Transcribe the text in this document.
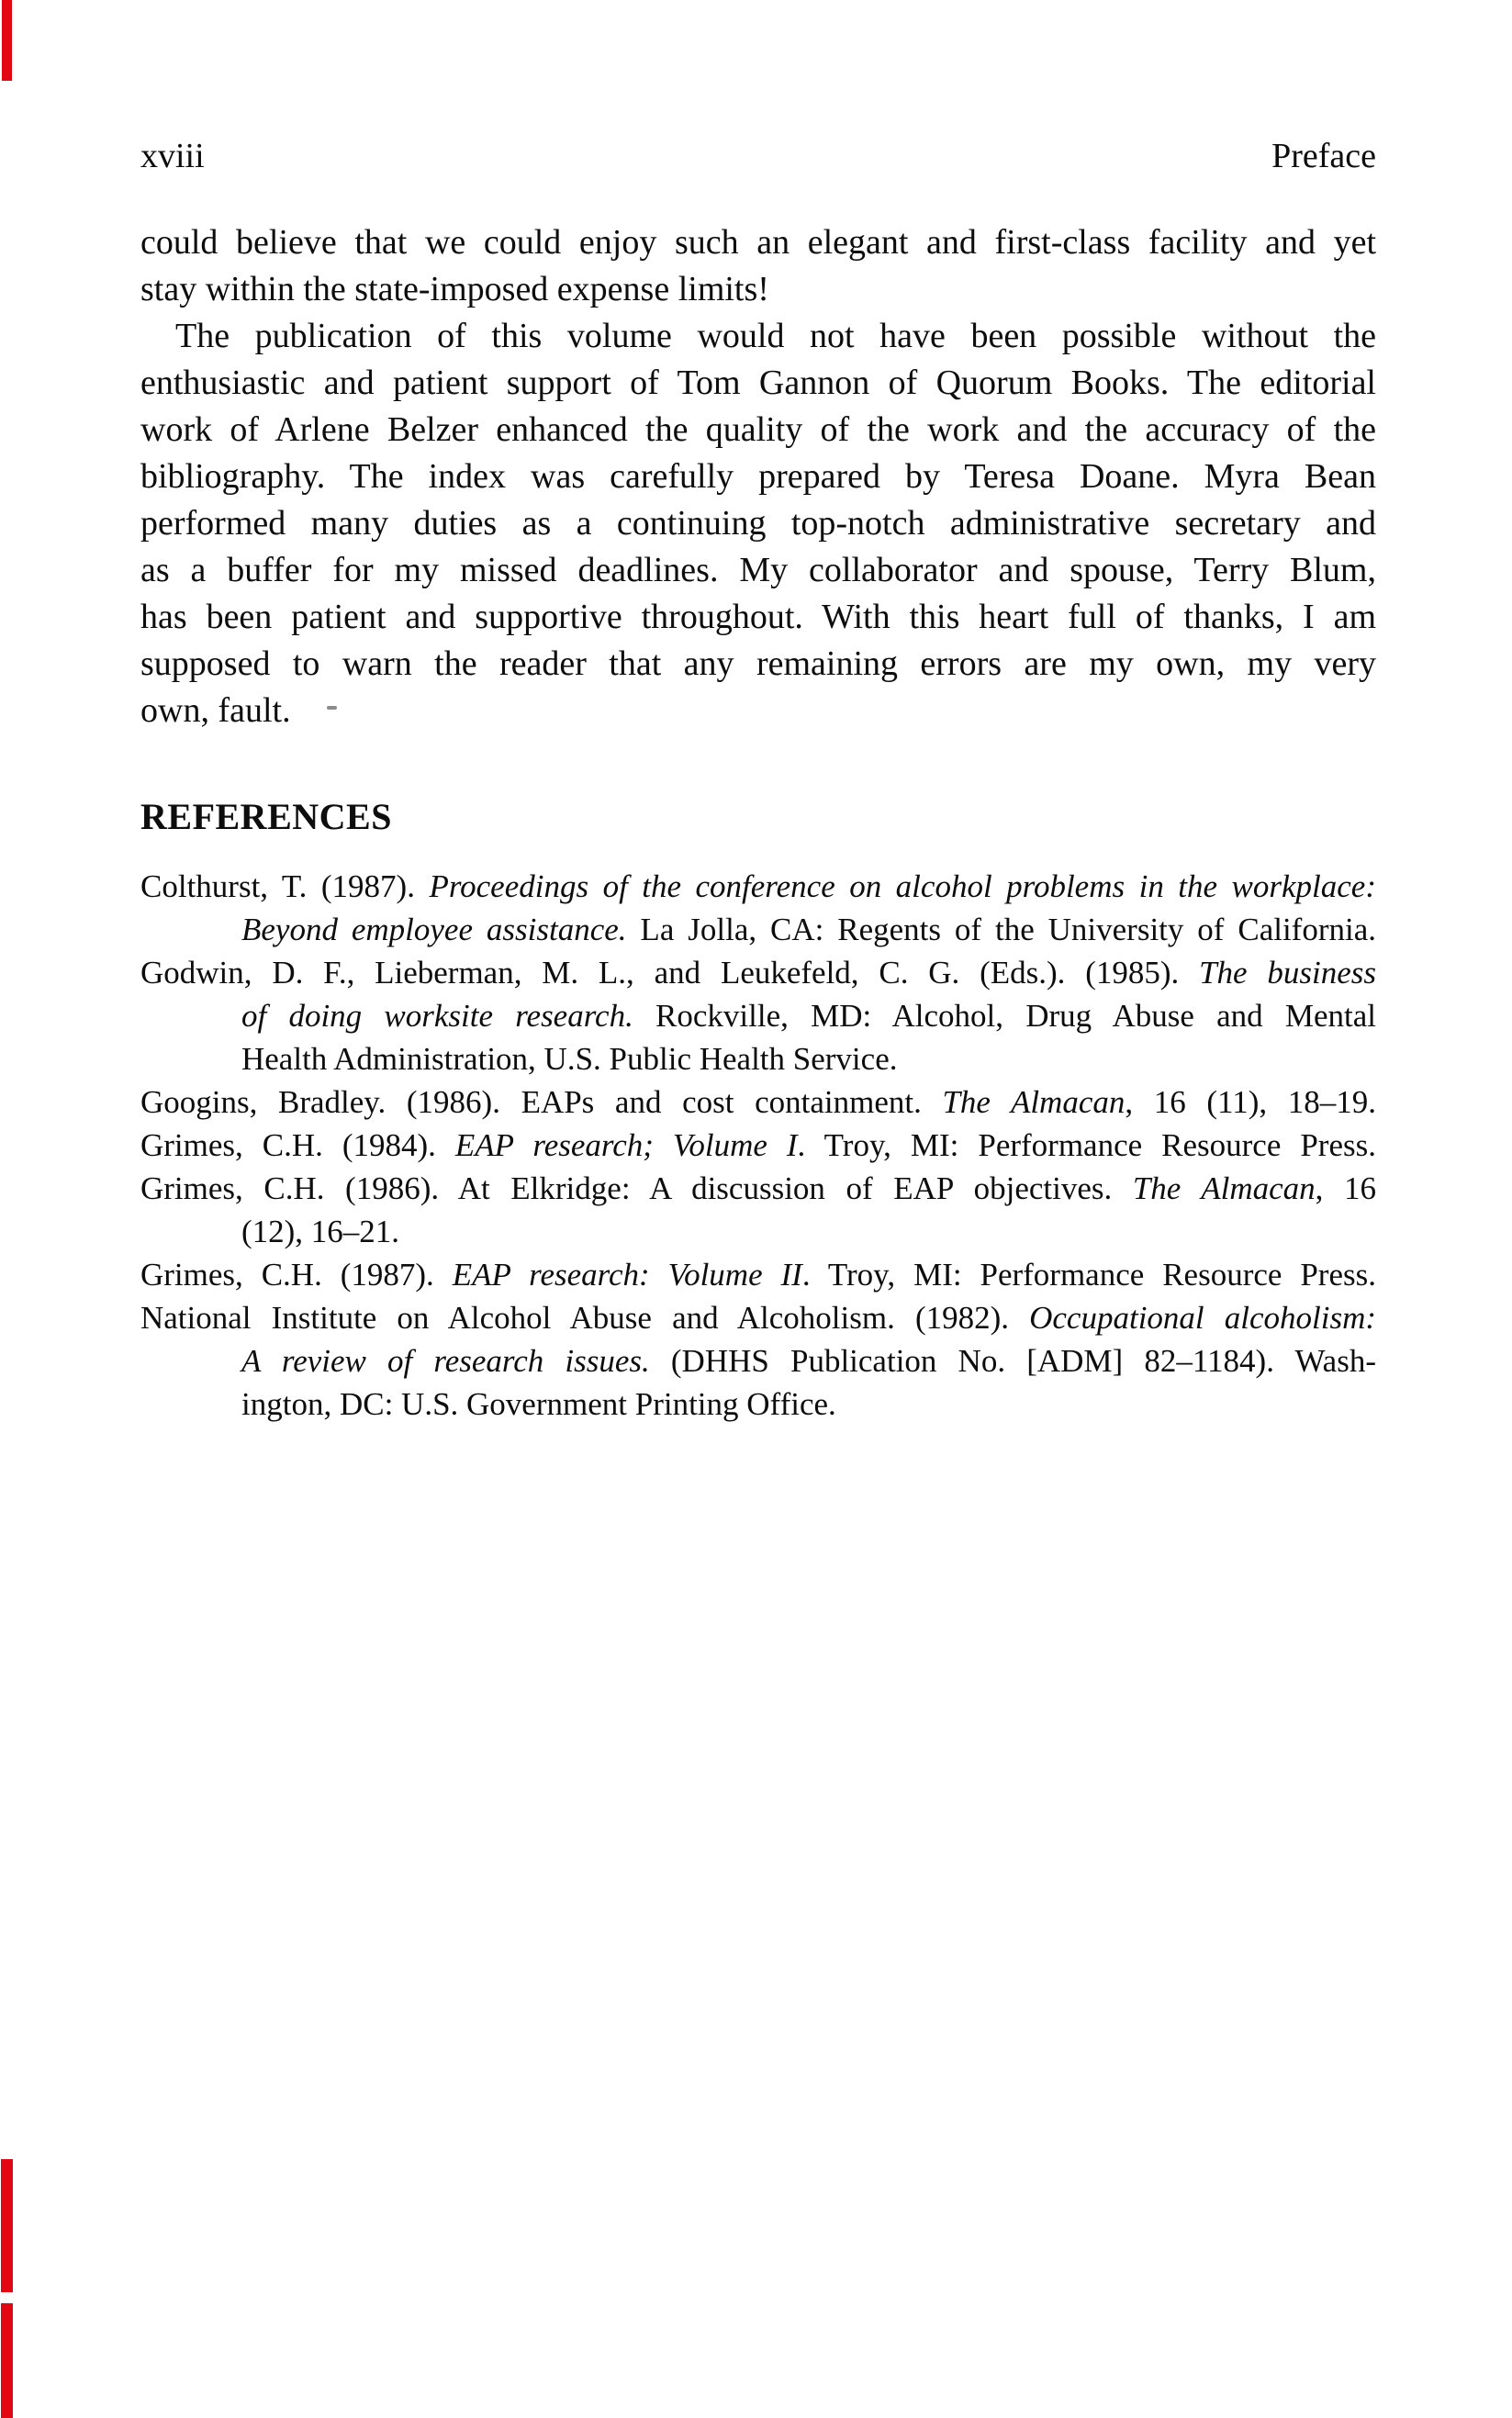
xviii	Preface
could believe that we could enjoy such an elegant and first-class facility and yet
stay within the state-imposed expense limits!
The publication of this volume would not have been possible without the
enthusiastic and patient support of Tom Gannon of Quorum Books. The editorial
work of Arlene Belzer enhanced the quality of the work and the accuracy of the
bibliography. The index was carefully prepared by Teresa Doane. Myra Bean
performed many duties as a continuing top-notch administrative secretary and
as a buffer for my missed deadlines. My collaborator and spouse, Terry Blum,
has been patient and supportive throughout. With this heart full of thanks, I am
supposed to warn the reader that any remaining errors are my own, my very
own, fault.
REFERENCES
Colthurst, T. (1987). Proceedings of the conference on alcohol problems in the workplace:
Beyond employee assistance. La Jolla, CA: Regents of the University of California.
Godwin, D. F., Lieberman, M. L., and Leukefeld, C. G. (Eds.). (1985). The business
of doing worksite research. Rockville, MD: Alcohol, Drug Abuse and Mental
Health Administration, U.S. Public Health Service.
Googins, Bradley. (1986). EAPs and cost containment. The Almacan, 16 (11), 18–19.
Grimes, C.H. (1984). EAP research; Volume I. Troy, MI: Performance Resource Press.
Grimes, C.H. (1986). At Elkridge: A discussion of EAP objectives. The Almacan, 16
(12), 16–21.
Grimes, C.H. (1987). EAP research: Volume II. Troy, MI: Performance Resource Press.
National Institute on Alcohol Abuse and Alcoholism. (1982). Occupational alcoholism:
A review of research issues. (DHHS Publication No. [ADM] 82–1184). Wash-
ington, DC: U.S. Government Printing Office.
